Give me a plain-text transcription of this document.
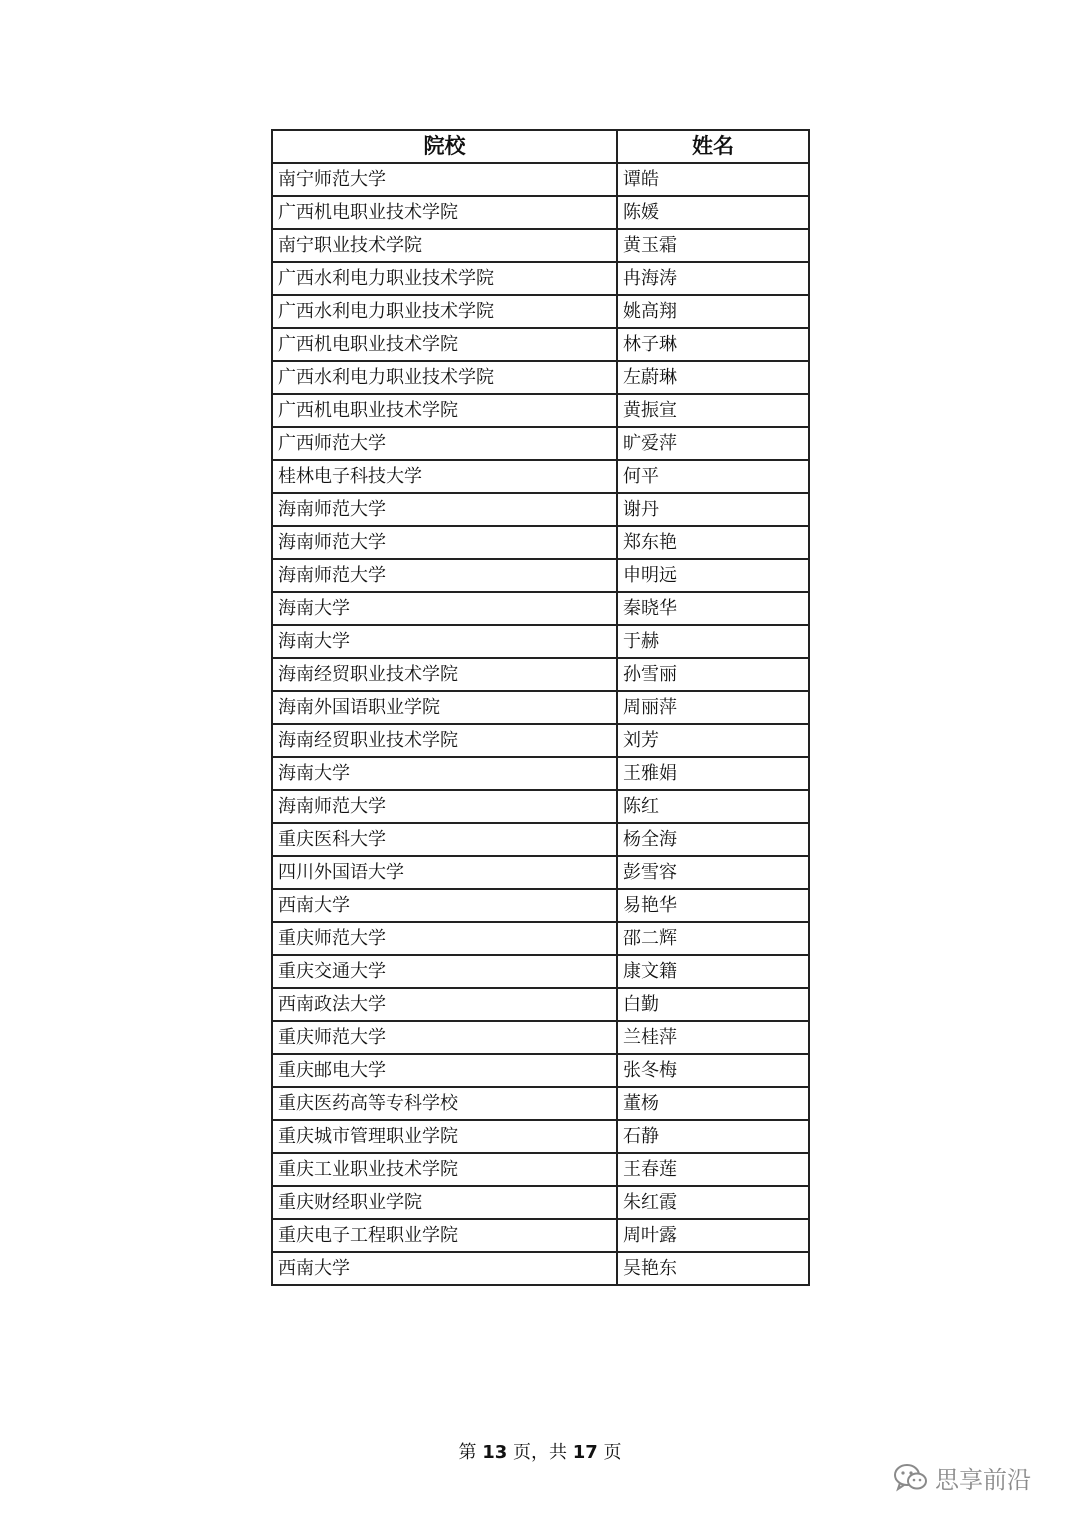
院校	姓名
南宁师范大学	谭皓
广西机电职业技术学院	陈媛
南宁职业技术学院	黄玉霜
广西水利电力职业技术学院	冉海涛
广西水利电力职业技术学院	姚高翔
广西机电职业技术学院	林子琳
广西水利电力职业技术学院	左蔚琳
广西机电职业技术学院	黄振宣
广西师范大学	旷爱萍
桂林电子科技大学	何平
海南师范大学	谢丹
海南师范大学	郑东艳
海南师范大学	申明远
海南大学	秦晓华
海南大学	于赫
海南经贸职业技术学院	孙雪丽
海南外国语职业学院	周丽萍
海南经贸职业技术学院	刘芳
海南大学	王雅娟
海南师范大学	陈红
重庆医科大学	杨全海
四川外国语大学	彭雪容
西南大学	易艳华
重庆师范大学	邵二辉
重庆交通大学	康文籍
西南政法大学	白勤
重庆师范大学	兰桂萍
重庆邮电大学	张冬梅
重庆医药高等专科学校	董杨
重庆城市管理职业学院	石静
重庆工业职业技术学院	王春莲
重庆财经职业学院	朱红霞
重庆电子工程职业学院	周叶露
西南大学	吴艳东
第 13 页，共 17 页
思享前沿
